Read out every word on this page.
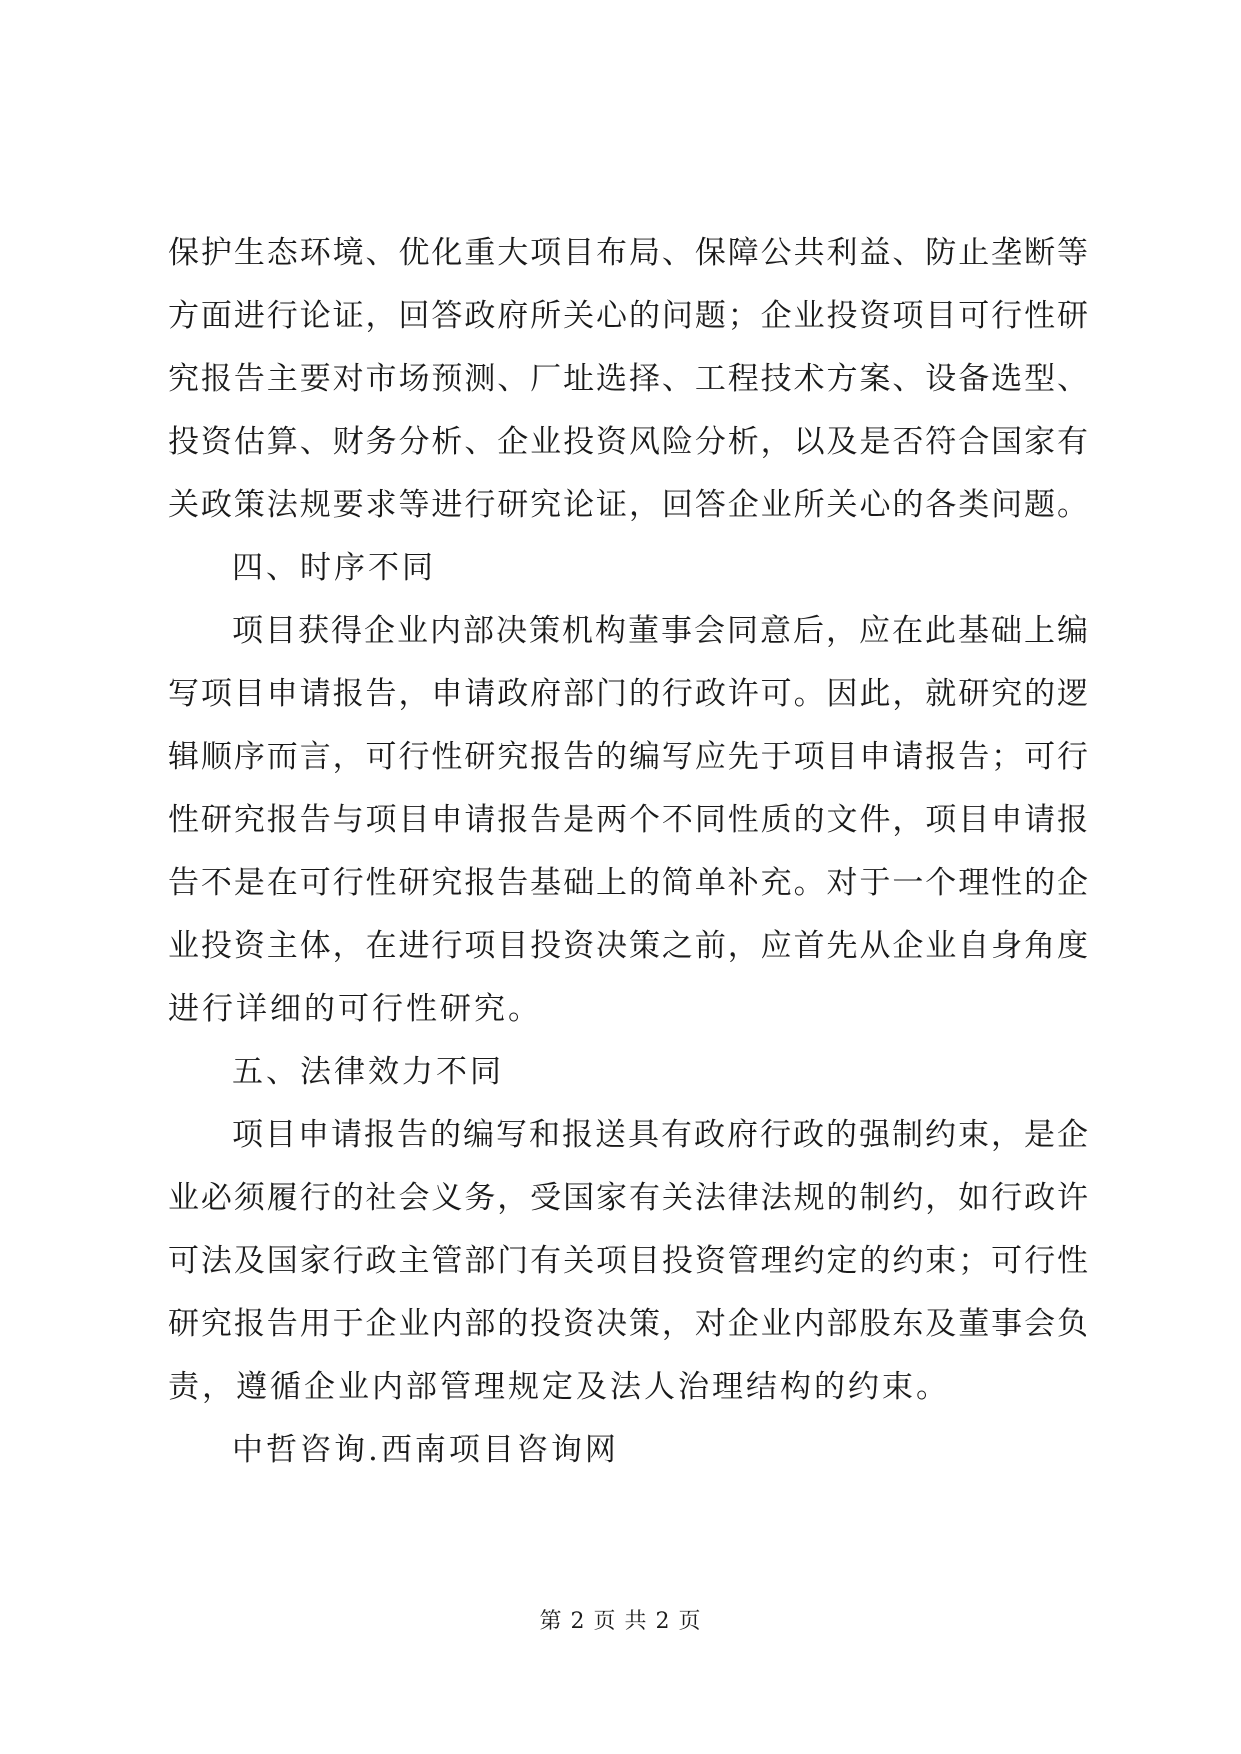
保护生态环境、优化重大项目布局、保障公共利益、防止垄断等
方面进行论证，回答政府所关心的问题；企业投资项目可行性研
究报告主要对市场预测、厂址选择、工程技术方案、设备选型、
投资估算、财务分析、企业投资风险分析，以及是否符合国家有
关政策法规要求等进行研究论证，回答企业所关心的各类问题。
四、时序不同
项目获得企业内部决策机构董事会同意后，应在此基础上编
写项目申请报告，申请政府部门的行政许可。因此，就研究的逻
辑顺序而言，可行性研究报告的编写应先于项目申请报告；可行
性研究报告与项目申请报告是两个不同性质的文件，项目申请报
告不是在可行性研究报告基础上的简单补充。对于一个理性的企
业投资主体，在进行项目投资决策之前，应首先从企业自身角度
进行详细的可行性研究。
五、法律效力不同
项目申请报告的编写和报送具有政府行政的强制约束，是企
业必须履行的社会义务，受国家有关法律法规的制约，如行政许
可法及国家行政主管部门有关项目投资管理约定的约束；可行性
研究报告用于企业内部的投资决策，对企业内部股东及董事会负
责，遵循企业内部管理规定及法人治理结构的约束。
中哲咨询.西南项目咨询网
第 2 页 共 2 页
